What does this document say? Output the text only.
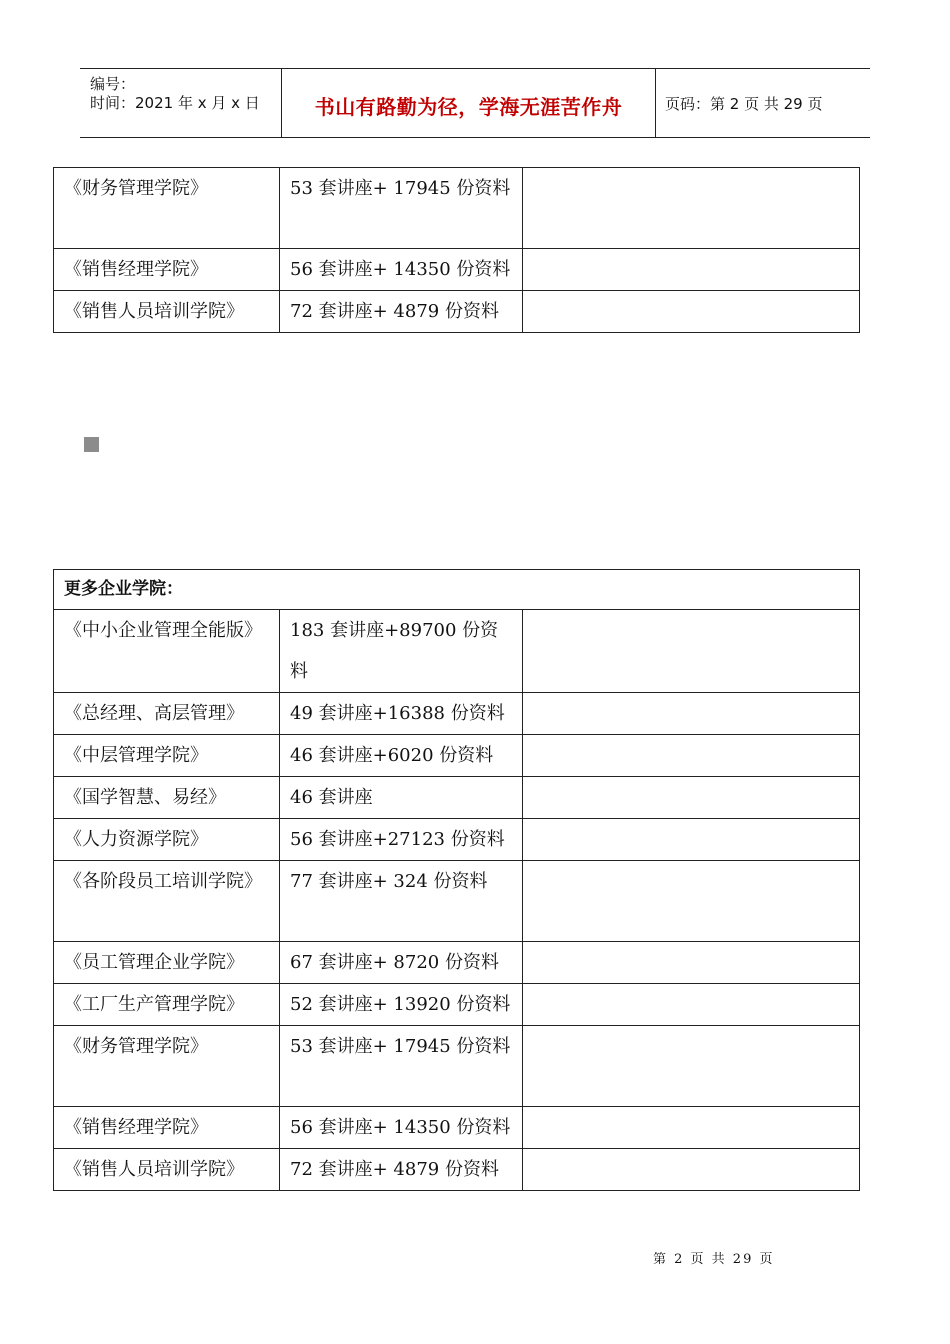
编号：
时间：2021 年 x 月 x 日	书山有路勤为径，学海无涯苦作舟	页码：第 2 页 共 29 页
《财务管理学院》	53 套讲座+ 17945 份资料	

《销售经理学院》	56 套讲座+ 14350 份资料	

《销售人员培训学院》	72 套讲座+ 4879 份资料	

更多企业学院：		

《中小企业管理全能版》	183 套讲座+89700 份资料	

《总经理、高层管理》	49 套讲座+16388 份资料	

《中层管理学院》	46 套讲座+6020 份资料	

《国学智慧、易经》	46 套讲座	

《人力资源学院》	56 套讲座+27123 份资料	

《各阶段员工培训学院》	77 套讲座+ 324 份资料	

《员工管理企业学院》	67 套讲座+ 8720 份资料	

《工厂生产管理学院》	52 套讲座+ 13920 份资料	

《财务管理学院》	53 套讲座+ 17945 份资料	

《销售经理学院》	56 套讲座+ 14350 份资料	

《销售人员培训学院》	72 套讲座+ 4879 份资料	

第 2 页 共 29 页
